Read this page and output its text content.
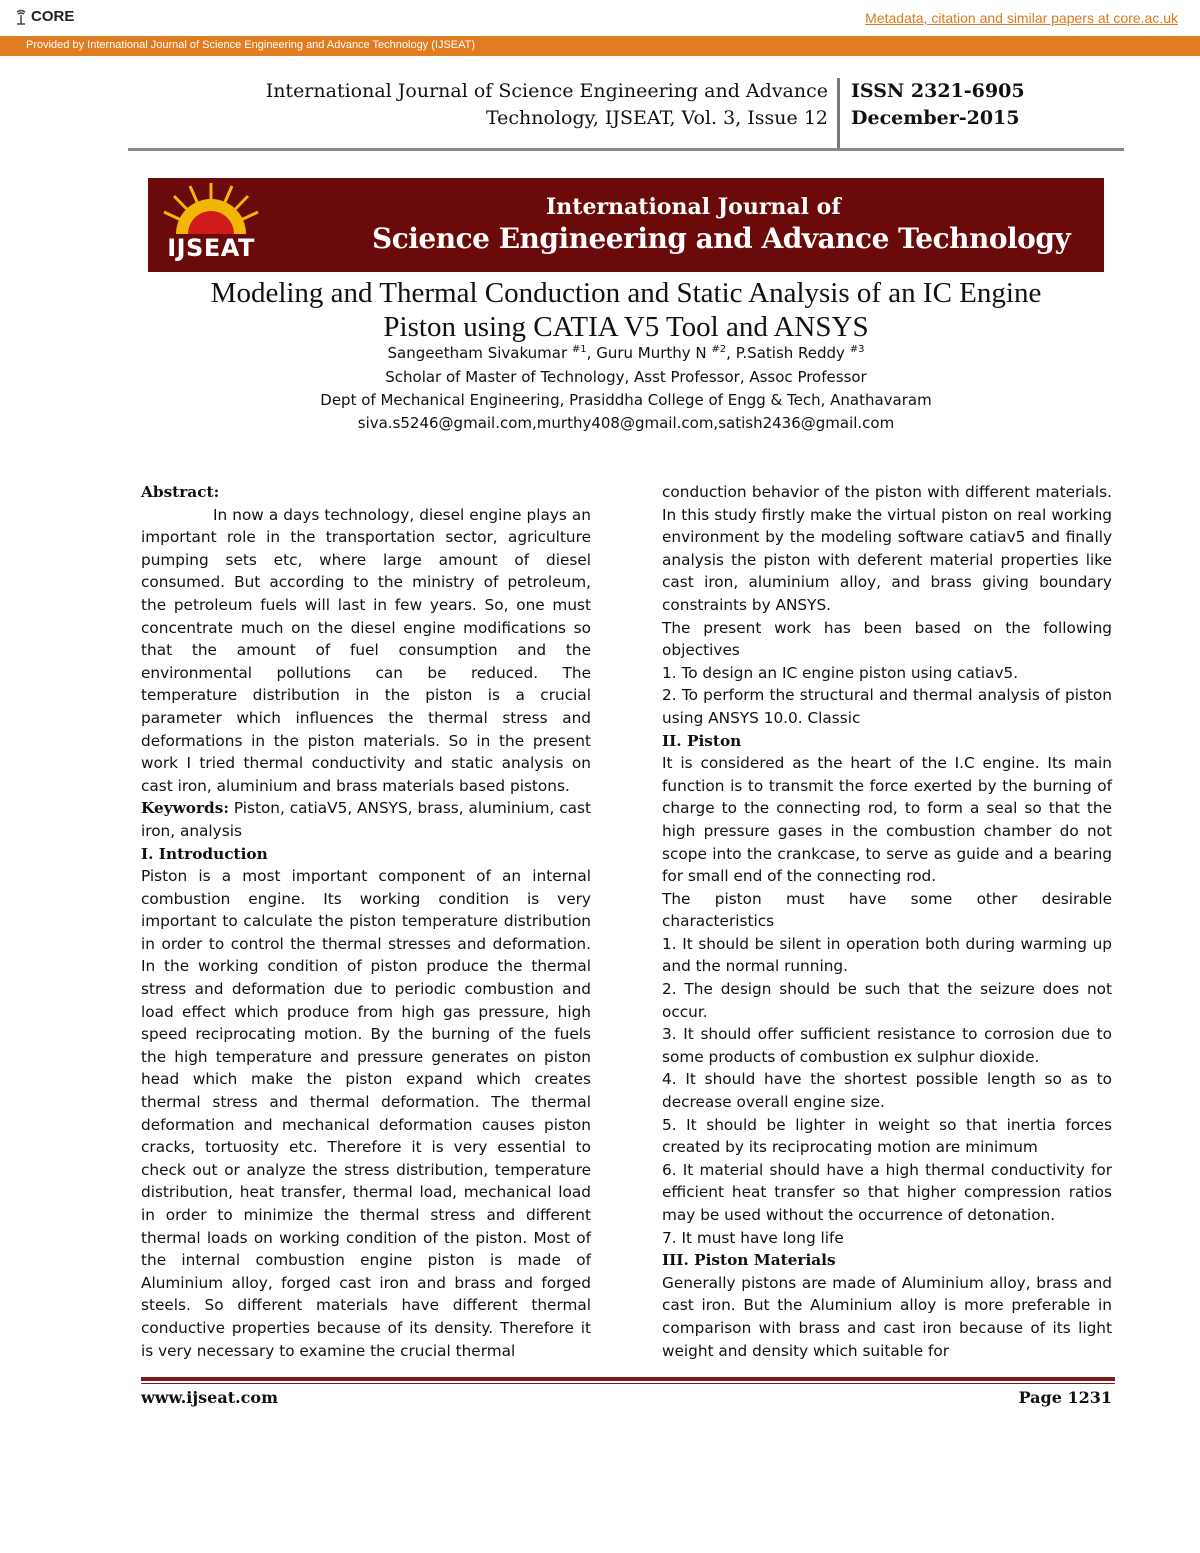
CORE	Metadata, citation and similar papers at core.ac.uk
Provided by International Journal of Science Engineering and Advance Technology (IJSEAT)
International Journal of Science Engineering and Advance
Technology, IJSEAT, Vol. 3, Issue 12
ISSN 2321-6905
December-2015
IJSEAT
International Journal of
Science Engineering and Advance Technology
Modeling and Thermal Conduction and Static Analysis of an IC Engine
Piston using CATIA V5 Tool and ANSYS
Sangeetham Sivakumar $^{\#1}$, Guru Murthy N $^{\#2}$, P.Satish Reddy $^{\#3}$
Scholar of Master of Technology, Asst Professor, Assoc Professor
Dept of Mechanical Engineering, Prasiddha College of Engg & Tech, Anathavaram
siva.s5246@gmail.com,murthy408@gmail.com,satish2436@gmail.com

Abstract:

In now a days technology, diesel engine plays an important role in the transportation sector, agriculture pumping sets etc, where large amount of diesel consumed. But according to the ministry of petroleum, the petroleum fuels will last in few years. So, one must concentrate much on the diesel engine modifications so that the amount of fuel consumption and the environmental pollutions can be reduced. The temperature distribution in the piston is a crucial parameter which influences the thermal stress and deformations in the piston materials. So in the present work I tried thermal conductivity and static analysis on cast iron, aluminium and brass materials based pistons.

Keywords: Piston, catiaV5, ANSYS, brass, aluminium, cast iron, analysis

I. Introduction

Piston is a most important component of an internal combustion engine. Its working condition is very important to calculate the piston temperature distribution in order to control the thermal stresses and deformation. In the working condition of piston produce the thermal stress and deformation due to periodic combustion and load effect which produce from high gas pressure, high speed reciprocating motion. By the burning of the fuels the high temperature and pressure generates on piston head which make the piston expand which creates thermal stress and thermal deformation. The thermal deformation and mechanical deformation causes piston cracks, tortuosity etc. Therefore it is very essential to check out or analyze the stress distribution, temperature distribution, heat transfer, thermal load, mechanical load in order to minimize the thermal stress and different thermal loads on working condition of the piston. Most of the internal combustion engine piston is made of Aluminium alloy, forged cast iron and brass and forged steels. So different materials have different thermal conductive properties because of its density. Therefore it is very necessary to examine the crucial thermal

conduction behavior of the piston with different materials. In this study firstly make the virtual piston on real working environment by the modeling software catiav5 and finally analysis the piston with deferent material properties like cast iron, aluminium alloy, and brass giving boundary constraints by ANSYS.

The present work has been based on the following objectives

1. To design an IC engine piston using catiav5.

2. To perform the structural and thermal analysis of piston using ANSYS 10.0. Classic

II. Piston

It is considered as the heart of the I.C engine. Its main function is to transmit the force exerted by the burning of charge to the connecting rod, to form a seal so that the high pressure gases in the combustion chamber do not scope into the crankcase, to serve as guide and a bearing for small end of the connecting rod.

The piston must have some other desirable characteristics

1. It should be silent in operation both during warming up and the normal running.

2. The design should be such that the seizure does not occur.

3. It should offer sufficient resistance to corrosion due to some products of combustion ex sulphur dioxide.

4. It should have the shortest possible length so as to decrease overall engine size.

5. It should be lighter in weight so that inertia forces created by its reciprocating motion are minimum

6. It material should have a high thermal conductivity for efficient heat transfer so that higher compression ratios may be used without the occurrence of detonation.

7. It must have long life

III. Piston Materials

Generally pistons are made of Aluminium alloy, brass and cast iron. But the Aluminium alloy is more preferable in comparison with brass and cast iron because of its light weight and density which suitable for

www.ijseat.com	Page 1231
